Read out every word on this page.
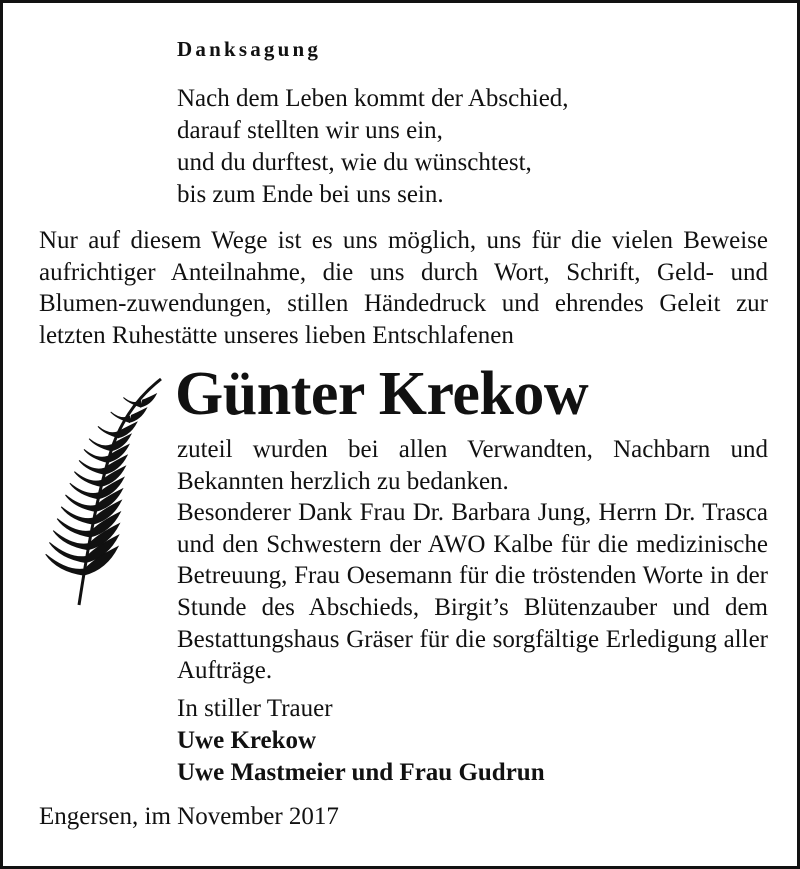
Danksagung
Nach dem Leben kommt der Abschied,
darauf stellten wir uns ein,
und du durftest, wie du wünschtest,
bis zum Ende bei uns sein.

Nur auf diesem Wege ist es uns möglich, uns für die vielen Beweise aufrichtiger Anteilnahme, die uns durch Wort, Schrift, Geld- und Blumen-zuwendungen, stillen Händedruck und ehrendes Geleit zur letzten Ruhestätte unseres lieben Entschlafenen

Günter Krekow

zuteil wurden bei allen Verwandten, Nachbarn und Bekannten herzlich zu bedanken.

Besonderer Dank Frau Dr. Barbara Jung, Herrn Dr. Trasca und den Schwestern der AWO Kalbe für die medizinische Betreuung, Frau Oesemann für die tröstenden Worte in der Stunde des Abschieds, Birgit’s Blütenzauber und dem Bestattungshaus Gräser für die sorgfältige Erledigung aller Aufträge.

In stiller Trauer
Uwe Krekow
Uwe Mastmeier und Frau Gudrun
Engersen, im November 2017
